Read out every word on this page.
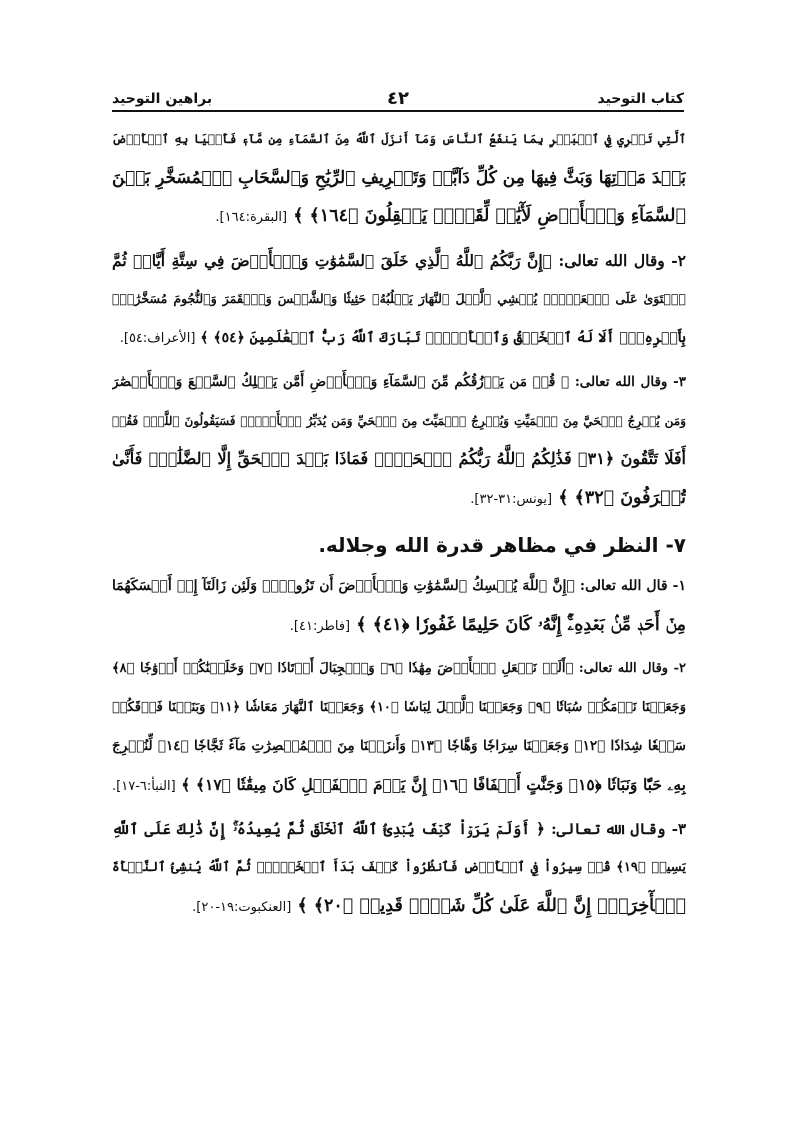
كتاب التوحيد
٤٢
براهين التوحيد
ٱلَّتِي تَجۡرِي فِي ٱلۡبَحۡرِ بِمَا يَنفَعُ ٱلنَّاسَ وَمَآ أَنزَلَ ٱللَّهُ مِنَ ٱلسَّمَآءِ مِن مَّآءٖ فَأَحۡيَا بِهِ ٱلۡأَرۡضَ
بَعۡدَ مَوۡتِهَا وَبَثَّ فِيهَا مِن كُلِّ دَآبَّةٖ وَتَصۡرِيفِ ٱلرِّيَٰحِ وَٱلسَّحَابِ ٱلۡمُسَخَّرِ بَيۡنَ
ٱلسَّمَآءِ وَٱلۡأَرۡضِ لَأٓيَٰتٖ لِّقَوۡمٖ يَعۡقِلُونَ ﴿١٦٤﴾ ﴾ [البقرة:١٦٤].
٢- وقال الله تعالى: ﴿إِنَّ رَبَّكُمُ ٱللَّهُ ٱلَّذِي خَلَقَ ٱلسَّمَٰوَٰتِ وَٱلۡأَرۡضَ فِي سِتَّةِ أَيَّامٖ ثُمَّ
ٱسۡتَوَىٰ عَلَى ٱلۡعَرۡشِۖ يُغۡشِي ٱلَّيۡلَ ٱلنَّهَارَ يَطۡلُبُهُۥ حَثِيثٗا وَٱلشَّمۡسَ وَٱلۡقَمَرَ وَٱلنُّجُومَ مُسَخَّرَٰتِۭ
بِأَمۡرِهِۦٓۗ أَلَا لَهُ ٱلۡخَلۡقُ وَٱلۡأَمۡرُۗ تَبَارَكَ ٱللَّهُ رَبُّ ٱلۡعَٰلَمِينَ ﴿٥٤﴾ ﴾ [الأعراف:٥٤].
٣- وقال الله تعالى: ﴿ قُلۡ مَن يَرۡزُقُكُم مِّنَ ٱلسَّمَآءِ وَٱلۡأَرۡضِ أَمَّن يَمۡلِكُ ٱلسَّمۡعَ وَٱلۡأَبۡصَٰرَ
وَمَن يُخۡرِجُ ٱلۡحَيَّ مِنَ ٱلۡمَيِّتِ وَيُخۡرِجُ ٱلۡمَيِّتَ مِنَ ٱلۡحَيِّ وَمَن يُدَبِّرُ ٱلۡأَمۡرَۚ فَسَيَقُولُونَ ٱللَّهُۚ فَقُلۡ
أَفَلَا تَتَّقُونَ ﴿٣١﴾ فَذَٰلِكُمُ ٱللَّهُ رَبُّكُمُ ٱلۡحَقُّۖ فَمَاذَا بَعۡدَ ٱلۡحَقِّ إِلَّا ٱلضَّلَٰلُۖ فَأَنَّىٰ
تُصۡرَفُونَ ﴿٣٢﴾ ﴾ [يونس:٣١-٣٢].
٧- النظر في مظاهر قدرة الله وجلاله.
١- قال الله تعالى: ﴿إِنَّ ٱللَّهَ يُمۡسِكُ ٱلسَّمَٰوَٰتِ وَٱلۡأَرۡضَ أَن تَزُولَاۚ وَلَئِن زَالَتَآ إِنۡ أَمۡسَكَهُمَا
مِنۡ أَحَدٖ مِّنۢ بَعۡدِهِۦٓۚ إِنَّهُۥ كَانَ حَلِيمًا غَفُورٗا ﴿٤١﴾ ﴾ [فاطر:٤١].
٢- وقال الله تعالى: ﴿أَلَمۡ نَجۡعَلِ ٱلۡأَرۡضَ مِهَٰدٗا ﴿٦﴾ وَٱلۡجِبَالَ أَوۡتَادٗا ﴿٧﴾ وَخَلَقۡنَٰكُمۡ أَزۡوَٰجٗا ﴿٨﴾
وَجَعَلۡنَا نَوۡمَكُمۡ سُبَاتٗا ﴿٩﴾ وَجَعَلۡنَا ٱلَّيۡلَ لِبَاسٗا ﴿١٠﴾ وَجَعَلۡنَا ٱلنَّهَارَ مَعَاشٗا ﴿١١﴾ وَبَنَيۡنَا فَوۡقَكُمۡ
سَبۡعٗا شِدَادٗا ﴿١٢﴾ وَجَعَلۡنَا سِرَاجٗا وَهَّاجٗا ﴿١٣﴾ وَأَنزَلۡنَا مِنَ ٱلۡمُعۡصِرَٰتِ مَآءٗ ثَجَّاجٗا ﴿١٤﴾ لِّنُخۡرِجَ
بِهِۦ حَبّٗا وَنَبَاتٗا ﴿١٥﴾ وَجَنَّٰتٍ أَلۡفَافًا ﴿١٦﴾ إِنَّ يَوۡمَ ٱلۡفَصۡلِ كَانَ مِيقَٰتٗا ﴿١٧﴾ ﴾ [النبأ:٦-١٧].
٣- وقال الله تعالى: ﴿ أَوَلَمۡ يَرَوۡاْ كَيۡفَ يُبۡدِئُ ٱللَّهُ ٱلۡخَلۡقَ ثُمَّ يُعِيدُهُۥٓۚ إِنَّ ذَٰلِكَ عَلَى ٱللَّهِ
يَسِيرٞ ﴿١٩﴾ قُلۡ سِيرُواْ فِي ٱلۡأَرۡضِ فَٱنظُرُواْ كَيۡفَ بَدَأَ ٱلۡخَلۡقَۚ ثُمَّ ٱللَّهُ يُنشِئُ ٱلنَّشۡأَةَ
ٱلۡأٓخِرَةَۚ إِنَّ ٱللَّهَ عَلَىٰ كُلِّ شَيۡءٖ قَدِيرٞ ﴿٢٠﴾ ﴾ [العنكبوت:١٩-٢٠].
